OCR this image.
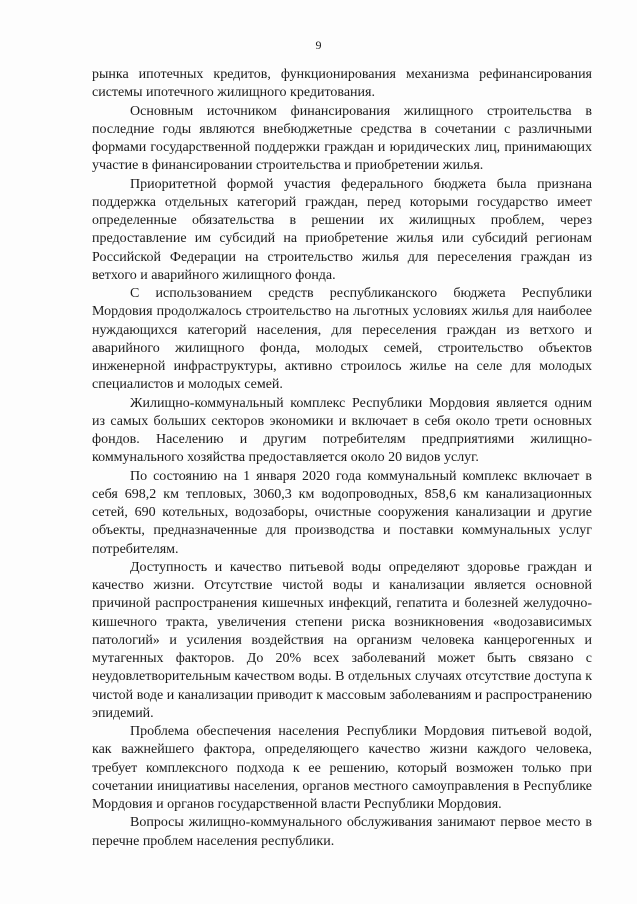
9

рынка ипотечных кредитов, функционирования механизма рефинансирования системы ипотечного жилищного кредитования.

Основным источником финансирования жилищного строительства в последние годы являются внебюджетные средства в сочетании с различными формами государственной поддержки граждан и юридических лиц, принимающих участие в финансировании строительства и приобретении жилья.

Приоритетной формой участия федерального бюджета была признана поддержка отдельных категорий граждан, перед которыми государство имеет определенные обязательства в решении их жилищных проблем, через предоставление им субсидий на приобретение жилья или субсидий регионам Российской Федерации на строительство жилья для переселения граждан из ветхого и аварийного жилищного фонда.

С использованием средств республиканского бюджета Республики Мордовия продолжалось строительство на льготных условиях жилья для наиболее нуждающихся категорий населения, для переселения граждан из ветхого и аварийного жилищного фонда, молодых семей, строительство объектов инженерной инфраструктуры, активно строилось жилье на селе для молодых специалистов и молодых семей.

Жилищно-коммунальный комплекс Республики Мордовия является одним из самых больших секторов экономики и включает в себя около трети основных фондов. Населению и другим потребителям предприятиями жилищно-коммунального хозяйства предоставляется около 20 видов услуг.

По состоянию на 1 января 2020 года коммунальный комплекс включает в себя 698,2 км тепловых, 3060,3 км водопроводных, 858,6 км канализационных сетей, 690 котельных, водозаборы, очистные сооружения канализации и другие объекты, предназначенные для производства и поставки коммунальных услуг потребителям.

Доступность и качество питьевой воды определяют здоровье граждан и качество жизни. Отсутствие чистой воды и канализации является основной причиной распространения кишечных инфекций, гепатита и болезней желудочно-кишечного тракта, увеличения степени риска возникновения «водозависимых патологий» и усиления воздействия на организм человека канцерогенных и мутагенных факторов. До 20% всех заболеваний может быть связано с неудовлетворительным качеством воды. В отдельных случаях отсутствие доступа к чистой воде и канализации приводит к массовым заболеваниям и распространению эпидемий.

Проблема обеспечения населения Республики Мордовия питьевой водой, как важнейшего фактора, определяющего качество жизни каждого человека, требует комплексного подхода к ее решению, который возможен только при сочетании инициативы населения, органов местного самоуправления в Республике Мордовия и органов государственной власти Республики Мордовия.

Вопросы жилищно-коммунального обслуживания занимают первое место в перечне проблем населения республики.
